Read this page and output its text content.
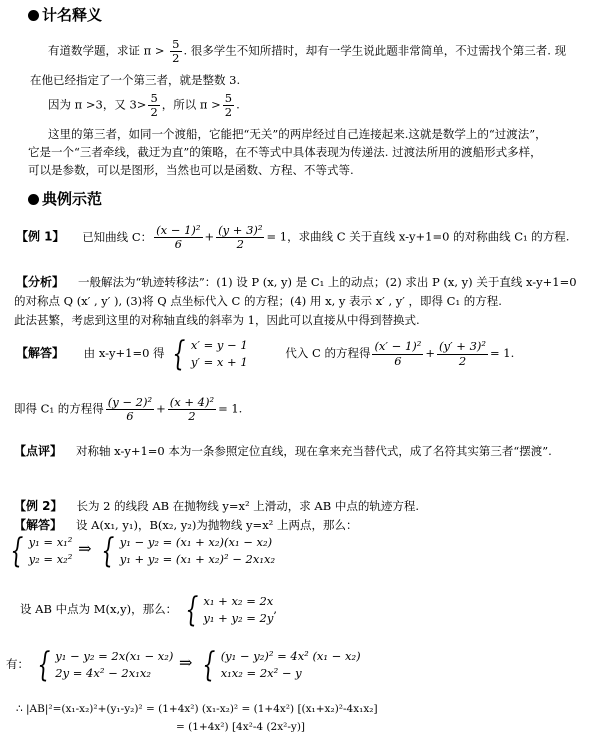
计名释义
有道数学题，求证 $\pi > \frac{5}{2}$ . 很多学生不知所措时，却有一学生说此题非常简单，不过需找个第三者. 现
在他已经指定了一个第三者，就是整数 3.
因为 π >3，又 $3> \frac{5}{2}$ ，所以 $\pi > \frac{5}{2}$ .
这里的第三者，如同一个渡船，它能把“无关”的两岸经过自己连接起来.这就是数学上的“过渡法”，
它是一个“三者牵线，截迂为直”的策略，在不等式中具体表现为传递法. 过渡法所用的渡船形式多样，
可以是参数，可以是图形，当然也可以是函数、方程、不等式等.
典例示范
【例 1】 已知曲线 C： $\frac{\text{(x − 1)²}}{6} + \frac{\text{(y + 3)²}}{2} = 1$，求曲线 C 关于直线 x-y+1=0 的对称曲线 C₁ 的方程.
【分析】 一般解法为“轨迹转移法”：(1) 设 P (x, y) 是 C₁ 上的动点；(2) 求出 P (x, y) 关于直线 x-y+1=0
的对称点 Q (x′ , y′ ), (3)将 Q 点坐标代入 C 的方程；(4) 用 x, y 表示 x′ , y′ ，即得 C₁ 的方程.
此法甚繁，考虑到这里的对称轴直线的斜率为 1，因此可以直接从中得到替换式.
【解答】 由 x-y+1=0 得 { x′ = y − 1
y′ = x + 1
代入 C 的方程得 $\frac{\text{(x′ − 1)²}}{6} + \frac{\text{(y′ + 3)²}}{2} = 1$.
即得 C₁ 的方程得 $\frac{\text{(y − 2)²}}{6} + \frac{\text{(x + 4)²}}{2} = 1$.
【点评】 对称轴 x-y+1=0 本为一条参照定位直线，现在拿来充当替代式，成了名符其实第三者“摆渡”.
【例 2】 长为 2 的线段 AB 在抛物线 y=x² 上滑动，求 AB 中点的轨迹方程.
【解答】 设 A(x₁, y₁)，B(x₂, y₂)为抛物线 y=x² 上两点，那么：
{ y₁ = x₁²
y₂ = x₂²
⇒ { y₁ − y₂ = (x₁ + x₂)(x₁ − x₂)
y₁ + y₂ = (x₁ + x₂)² − 2x₁x₂
设 AB 中点为 M(x,y)，那么： { x₁ + x₂ = 2x
y₁ + y₂ = 2y
,
有： { y₁ − y₂ = 2x(x₁ − x₂)
2y = 4x² − 2x₁x₂
⇒ { (y₁ − y₂)² = 4x² (x₁ − x₂)
x₁x₂ = 2x² − y
∴ |AB|²=(x₁-x₂)²+(y₁-y₂)² = (1+4x²) (x₁-x₂)² = (1+4x²) [(x₁+x₂)²-4x₁x₂]
= (1+4x²) [4x²-4 (2x²-y)]
